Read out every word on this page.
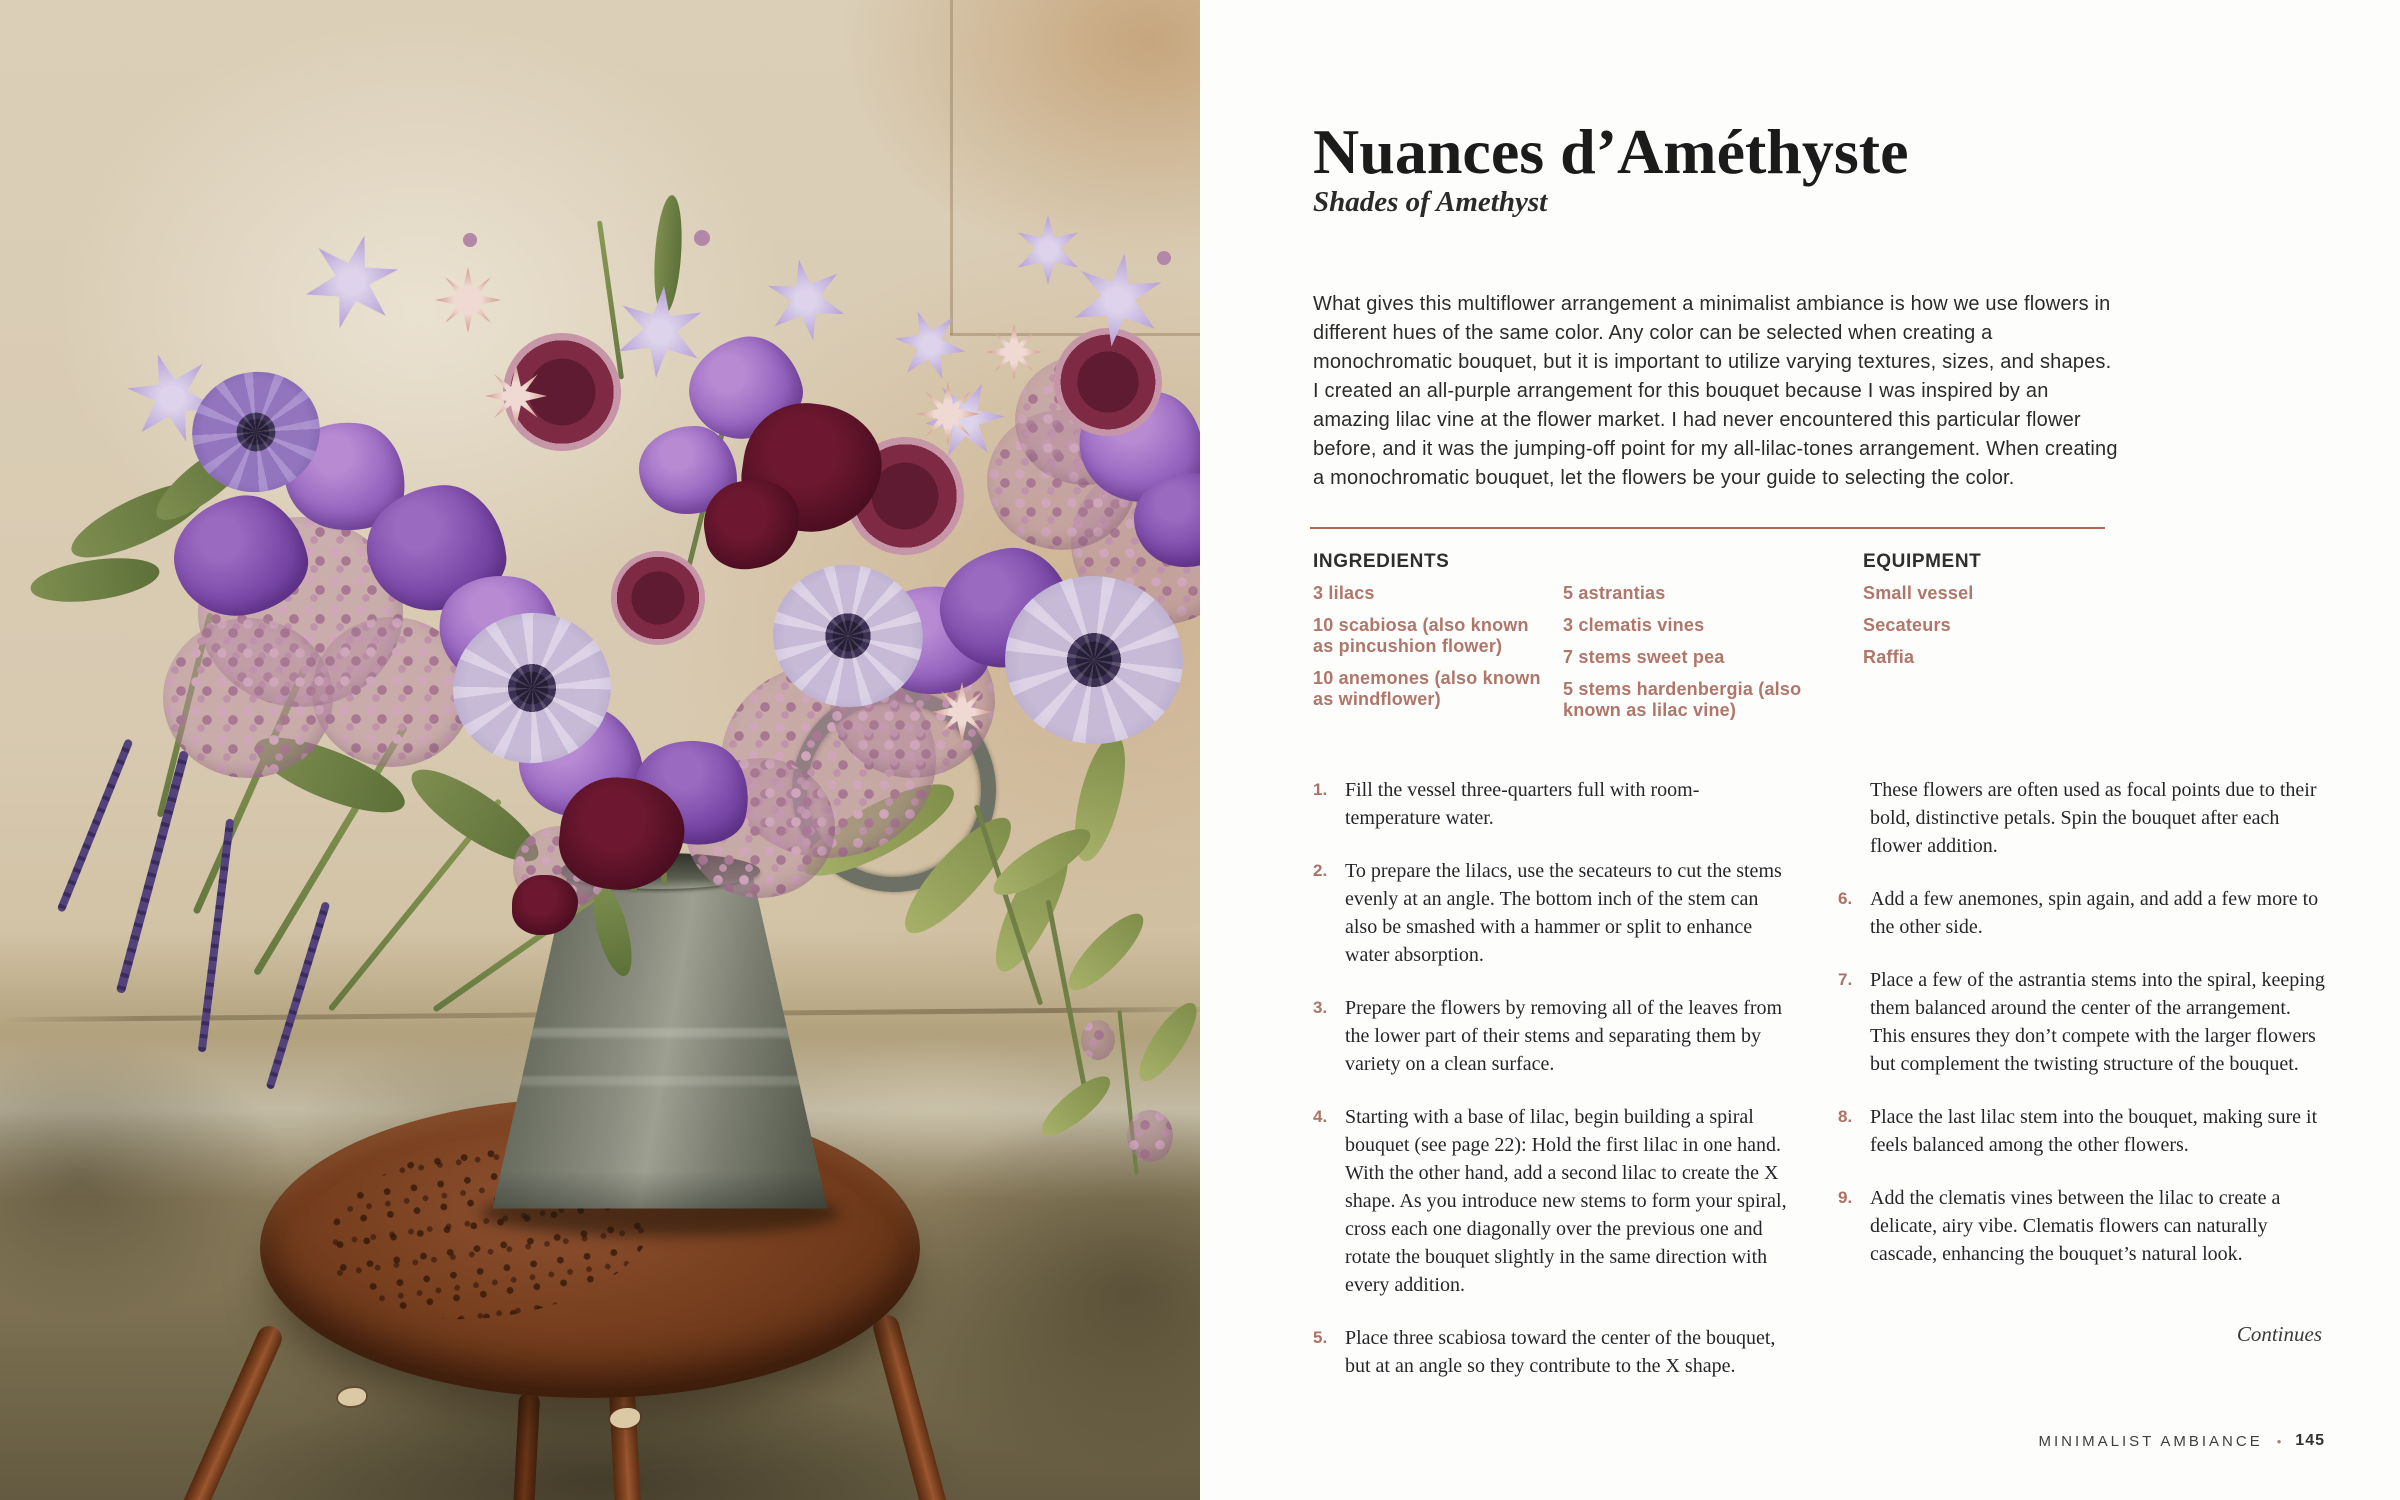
Nuances d’Améthyste
Shades of Amethyst

What gives this multiflower arrangement a minimalist ambiance is how we use flowers in different hues of the same color. Any color can be selected when creating a monochromatic bouquet, but it is important to utilize varying textures, sizes, and shapes. I created an all-purple arrangement for this bouquet because I was inspired by an amazing lilac vine at the flower market. I had never encountered this particular flower before, and it was the jumping-off point for my all-lilac-tones arrangement. When creating a monochromatic bouquet, let the flowers be your guide to selecting the color.

INGREDIENTS	EQUIPMENT

3 lilacs

10 scabiosa (also known as pincushion flower)

10 anemones (also known as windflower)

5 astrantias

3 clematis vines

7 stems sweet pea

5 stems hardenbergia (also known as lilac vine)

Small vessel

Secateurs

Raffia

1. Fill the vessel three-quarters full with room-temperature water.

2. To prepare the lilacs, use the secateurs to cut the stems evenly at an angle. The bottom inch of the stem can also be smashed with a hammer or split to enhance water absorption.

3. Prepare the flowers by removing all of the leaves from the lower part of their stems and separating them by variety on a clean surface.

4. Starting with a base of lilac, begin building a spiral bouquet (see page 22): Hold the first lilac in one hand. With the other hand, add a second lilac to create the X shape. As you introduce new stems to form your spiral, cross each one diagonally over the previous one and rotate the bouquet slightly in the same direction with every addition.

5. Place three scabiosa toward the center of the bouquet, but at an angle so they contribute to the X shape.

These flowers are often used as focal points due to their bold, distinctive petals. Spin the bouquet after each flower addition.

6. Add a few anemones, spin again, and add a few more to the other side.

7. Place a few of the astrantia stems into the spiral, keeping them balanced around the center of the arrangement. This ensures they don’t compete with the larger flowers but complement the twisting structure of the bouquet.

8. Place the last lilac stem into the bouquet, making sure it feels balanced among the other flowers.

9. Add the clematis vines between the lilac to create a delicate, airy vibe. Clematis flowers can naturally cascade, enhancing the bouquet’s natural look.

Continues
MINIMALIST AMBIANCE • 145
